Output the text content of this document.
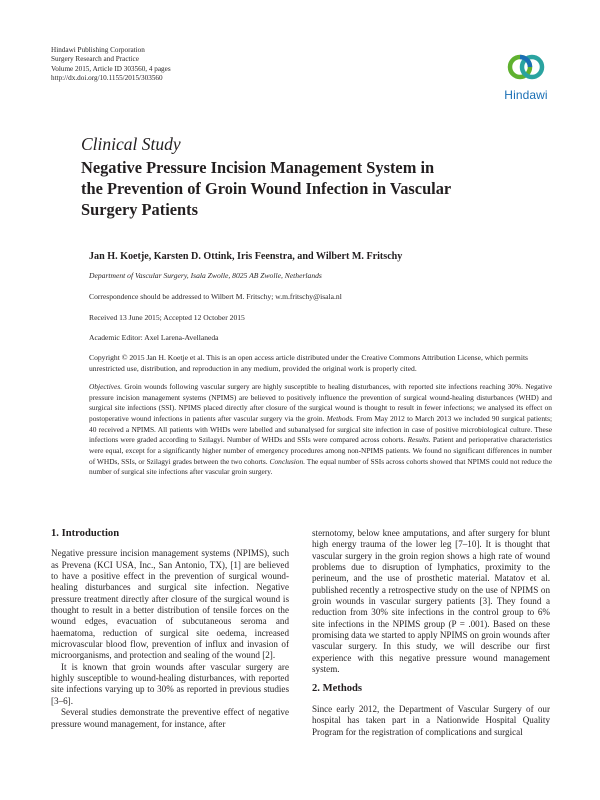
Hindawi Publishing Corporation
Surgery Research and Practice
Volume 2015, Article ID 303560, 4 pages
http://dx.doi.org/10.1155/2015/303560
Hindawi
Clinical Study
Negative Pressure Incision Management System in
the Prevention of Groin Wound Infection in Vascular
Surgery Patients
Jan H. Koetje, Karsten D. Ottink, Iris Feenstra, and Wilbert M. Fritschy
Department of Vascular Surgery, Isala Zwolle, 8025 AB Zwolle, Netherlands
Correspondence should be addressed to Wilbert M. Fritschy; w.m.fritschy@isala.nl
Received 13 June 2015; Accepted 12 October 2015
Academic Editor: Axel Larena-Avellaneda
Copyright © 2015 Jan H. Koetje et al. This is an open access article distributed under the Creative Commons Attribution License, which permits unrestricted use, distribution, and reproduction in any medium, provided the original work is properly cited.
Objectives. Groin wounds following vascular surgery are highly susceptible to healing disturbances, with reported site infections reaching 30%. Negative pressure incision management systems (NPIMS) are believed to positively influence the prevention of surgical wound-healing disturbances (WHD) and surgical site infections (SSI). NPIMS placed directly after closure of the surgical wound is thought to result in fewer infections; we analysed its effect on postoperative wound infections in patients after vascular surgery via the groin. Methods. From May 2012 to March 2013 we included 90 surgical patients; 40 received a NPIMS. All patients with WHDs were labelled and subanalysed for surgical site infection in case of positive microbiological culture. These infections were graded according to Szilagyi. Number of WHDs and SSIs were compared across cohorts. Results. Patient and perioperative characteristics were equal, except for a significantly higher number of emergency procedures among non-NPIMS patients. We found no significant differences in number of WHDs, SSIs, or Szilagyi grades between the two cohorts. Conclusion. The equal number of SSIs across cohorts showed that NPIMS could not reduce the number of surgical site infections after vascular groin surgery.
1. Introduction

Negative pressure incision management systems (NPIMS), such as Prevena (KCI USA, Inc., San Antonio, TX), [1] are believed to have a positive effect in the prevention of surgical wound-healing disturbances and surgical site infection. Negative pressure treatment directly after closure of the surgical wound is thought to result in a better distribution of tensile forces on the wound edges, evacuation of subcutaneous seroma and haematoma, reduction of surgical site oedema, increased microvascular blood flow, prevention of influx and invasion of microorganisms, and protection and sealing of the wound [2].

It is known that groin wounds after vascular surgery are highly susceptible to wound-healing disturbances, with reported site infections varying up to 30% as reported in previous studies [3–6].

Several studies demonstrate the preventive effect of negative pressure wound management, for instance, after

sternotomy, below knee amputations, and after surgery for blunt high energy trauma of the lower leg [7–10]. It is thought that vascular surgery in the groin region shows a high rate of wound problems due to disruption of lymphatics, proximity to the perineum, and the use of prosthetic material. Matatov et al. published recently a retrospective study on the use of NPIMS on groin wounds in vascular surgery patients [3]. They found a reduction from 30% site infections in the control group to 6% site infections in the NPIMS group (P = .001). Based on these promising data we started to apply NPIMS on groin wounds after vascular surgery. In this study, we will describe our first experience with this negative pressure wound management system.

2. Methods

Since early 2012, the Department of Vascular Surgery of our hospital has taken part in a Nationwide Hospital Quality Program for the registration of complications and surgical
